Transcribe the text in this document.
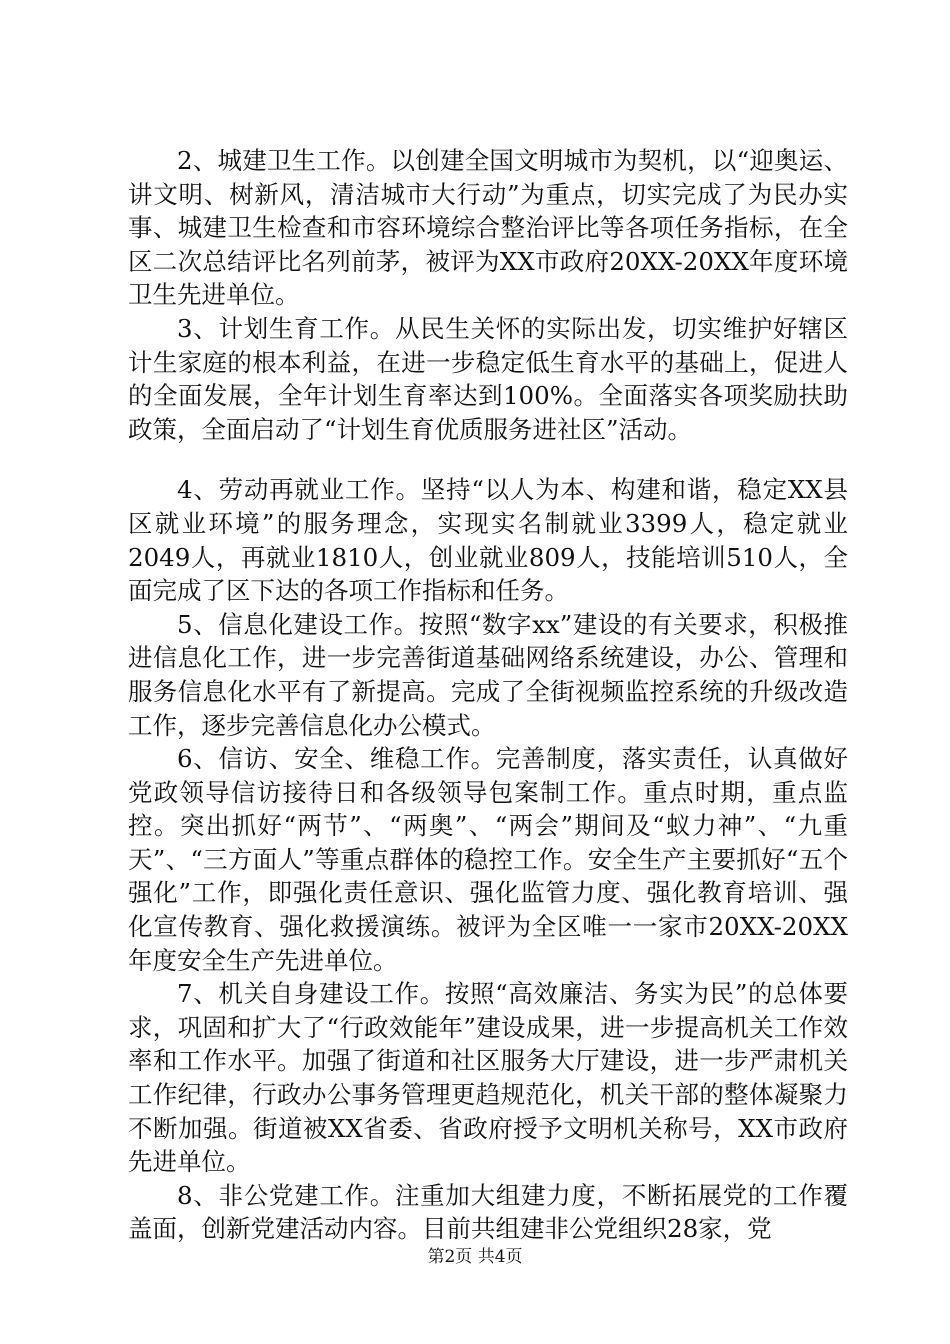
2、城建卫生工作。以创建全国文明城市为契机，以“迎奥运、讲文明、树新风，清洁城市大行动”为重点，切实完成了为民办实事、城建卫生检查和市容环境综合整治评比等各项任务指标，在全区二次总结评比名列前茅，被评为XX市政府20XX-20XX年度环境卫生先进单位。

3、计划生育工作。从民生关怀的实际出发，切实维护好辖区计生家庭的根本利益，在进一步稳定低生育水平的基础上，促进人的全面发展，全年计划生育率达到100%。全面落实各项奖励扶助政策，全面启动了“计划生育优质服务进社区”活动。

4、劳动再就业工作。坚持“以人为本、构建和谐，稳定XX县区就业环境”的服务理念，实现实名制就业3399人，稳定就业2049人，再就业1810人，创业就业809人，技能培训510人，全面完成了区下达的各项工作指标和任务。

5、信息化建设工作。按照“数字xx”建设的有关要求，积极推进信息化工作，进一步完善街道基础网络系统建设，办公、管理和服务信息化水平有了新提高。完成了全街视频监控系统的升级改造工作，逐步完善信息化办公模式。

6、信访、安全、维稳工作。完善制度，落实责任，认真做好党政领导信访接待日和各级领导包案制工作。重点时期，重点监控。突出抓好“两节”、“两奥”、“两会”期间及“蚁力神”、“九重天”、“三方面人”等重点群体的稳控工作。安全生产主要抓好“五个强化”工作，即强化责任意识、强化监管力度、强化教育培训、强化宣传教育、强化救援演练。被评为全区唯一一家市20XX-20XX年度安全生产先进单位。

7、机关自身建设工作。按照“高效廉洁、务实为民”的总体要求，巩固和扩大了“行政效能年”建设成果，进一步提高机关工作效率和工作水平。加强了街道和社区服务大厅建设，进一步严肃机关工作纪律，行政办公事务管理更趋规范化，机关干部的整体凝聚力不断加强。街道被XX省委、省政府授予文明机关称号，XX市政府先进单位。

8、非公党建工作。注重加大组建力度，不断拓展党的工作覆盖面，创新党建活动内容。目前共组建非公党组织28家，党

第2页 共4页
